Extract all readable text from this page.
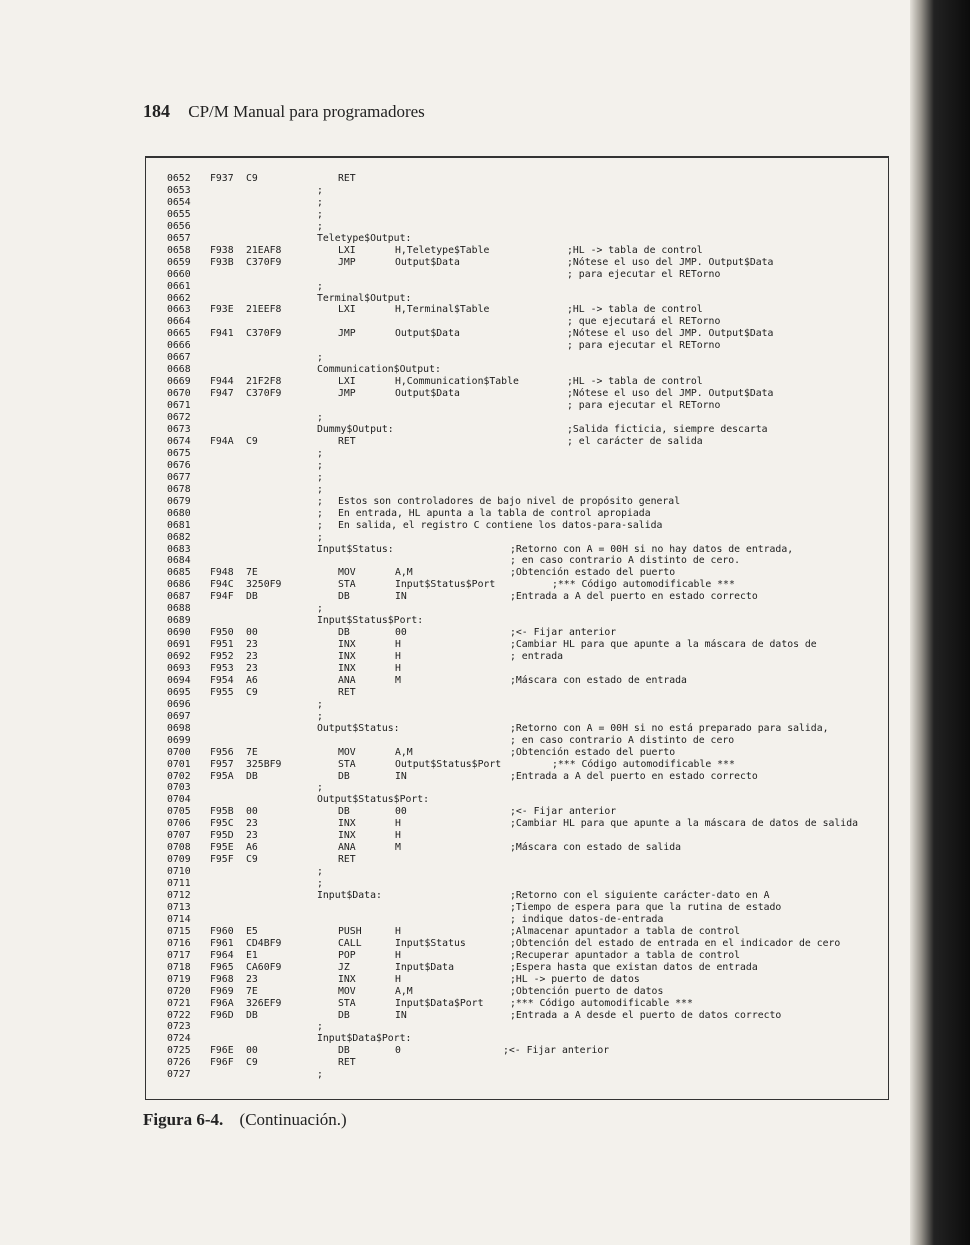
184 CP/M Manual para programadores
0652 F937 C9	RET
0653	;
0654	;
0655	;
0656	;
0657	Teletype$Output:
0658 F938 21EAF8	LXI	H,Teletype$Table	;HL -> tabla de control
0659 F93B C370F9	JMP	Output$Data	;Nótese el uso del JMP. Output$Data
0660	; para ejecutar el RETorno
0661	;
0662	Terminal$Output:
0663 F93E 21EEF8	LXI	H,Terminal$Table	;HL -> tabla de control
0664	; que ejecutará el RETorno
0665 F941 C370F9	JMP	Output$Data	;Nótese el uso del JMP. Output$Data
0666	; para ejecutar el RETorno
0667	;
0668	Communication$Output:
0669 F944 21F2F8	LXI	H,Communication$Table	;HL -> tabla de control
0670 F947 C370F9	JMP	Output$Data	;Nótese el uso del JMP. Output$Data
0671	; para ejecutar el RETorno
0672	;
0673	Dummy$Output:	;Salida ficticia, siempre descarta
0674 F94A C9	RET	; el carácter de salida
0675	;
0676	;
0677	;
0678	;
0679	; Estos son controladores de bajo nivel de propósito general
0680	; En entrada, HL apunta a la tabla de control apropiada
0681	; En salida, el registro C contiene los datos-para-salida
0682	;
0683	Input$Status:	;Retorno con A = 00H si no hay datos de entrada,
0684	; en caso contrario A distinto de cero.
0685 F948 7E	MOV	A,M	;Obtención estado del puerto
0686 F94C 3250F9	STA	Input$Status$Port	;*** Código automodificable ***
0687 F94F DB	DB	IN	;Entrada a A del puerto en estado correcto
0688	;
0689	Input$Status$Port:
0690 F950 00	DB	00	;<- Fijar anterior
0691 F951 23	INX	H	;Cambiar HL para que apunte a la máscara de datos de
0692 F952 23	INX	H	; entrada
0693 F953 23	INX	H
0694 F954 A6	ANA	M	;Máscara con estado de entrada
0695 F955 C9	RET
0696	;
0697	;
0698	Output$Status:	;Retorno con A = 00H si no está preparado para salida,
0699	; en caso contrario A distinto de cero
0700 F956 7E	MOV	A,M	;Obtención estado del puerto
0701 F957 325BF9	STA	Output$Status$Port	;*** Código automodificable ***
0702 F95A DB	DB	IN	;Entrada a A del puerto en estado correcto
0703	;
0704	Output$Status$Port:
0705 F95B 00	DB	00	;<- Fijar anterior
0706 F95C 23	INX	H	;Cambiar HL para que apunte a la máscara de datos de salida
0707 F95D 23	INX	H
0708 F95E A6	ANA	M	;Máscara con estado de salida
0709 F95F C9	RET
0710	;
0711	;
0712	Input$Data:	;Retorno con el siguiente carácter-dato en A
0713	;Tiempo de espera para que la rutina de estado
0714	; indique datos-de-entrada
0715 F960 E5	PUSH	H	;Almacenar apuntador a tabla de control
0716 F961 CD4BF9	CALL	Input$Status	;Obtención del estado de entrada en el indicador de cero
0717 F964 E1	POP	H	;Recuperar apuntador a tabla de control
0718 F965 CA60F9	JZ	Input$Data	;Espera hasta que existan datos de entrada
0719 F968 23	INX	H	;HL -> puerto de datos
0720 F969 7E	MOV	A,M	;Obtención puerto de datos
0721 F96A 326EF9	STA	Input$Data$Port	;*** Código automodificable ***
0722 F96D DB	DB	IN	;Entrada a A desde el puerto de datos correcto
0723	;
0724	Input$Data$Port:
0725 F96E 00	DB	0	;<- Fijar anterior
0726 F96F C9	RET
0727	;
Figura 6-4. (Continuación.)
